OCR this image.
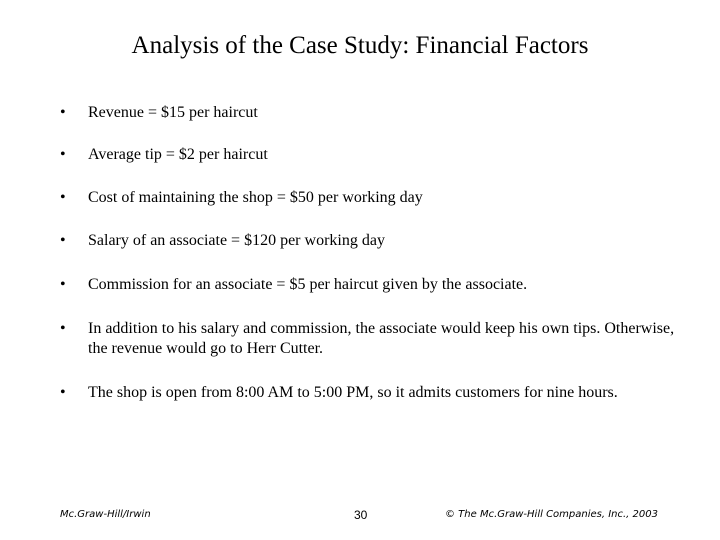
Analysis of the Case Study: Financial Factors
• Revenue = $15 per haircut
• Average tip = $2 per haircut
• Cost of maintaining the shop = $50 per working day
• Salary of an associate = $120 per working day
• Commission for an associate = $5 per haircut given by the associate.
• In addition to his salary and commission, the associate would keep his own tips. Otherwise, the revenue would go to Herr Cutter.
• The shop is open from 8:00 AM to 5:00 PM, so it admits customers for nine hours.
Mc.Graw-Hill/Irwin	30	© The Mc.Graw-Hill Companies, Inc., 2003
